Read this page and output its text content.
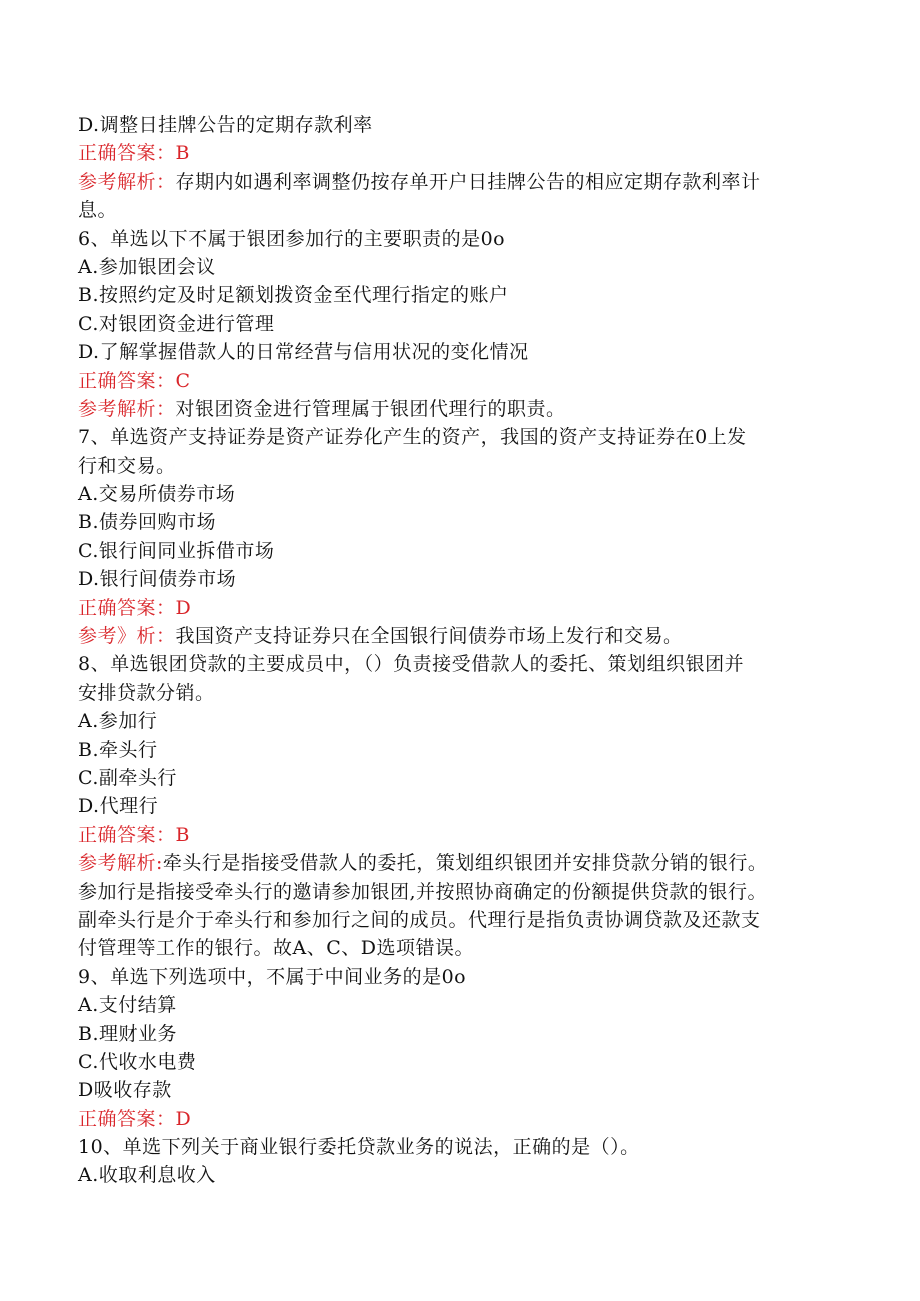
D.调整日挂牌公告的定期存款利率
正确答案：B
参考解析：存期内如遇利率调整仍按存单开户日挂牌公告的相应定期存款利率计
息。
6、单选以下不属于银团参加行的主要职责的是0o
A.参加银团会议
B.按照约定及时足额划拨资金至代理行指定的账户
C.对银团资金进行管理
D.了解掌握借款人的日常经营与信用状况的变化情况
正确答案：C
参考解析：对银团资金进行管理属于银团代理行的职责。
7、单选资产支持证券是资产证券化产生的资产，我国的资产支持证券在0上发
行和交易。
A.交易所债券市场
B.债券回购市场
C.银行间同业拆借市场
D.银行间债券市场
正确答案：D
参考》析：我国资产支持证券只在全国银行间债券市场上发行和交易。
8、单选银团贷款的主要成员中，（）负责接受借款人的委托、策划组织银团并
安排贷款分销。
A.参加行
B.牵头行
C.副牵头行
D.代理行
正确答案：B
参考解析:牵头行是指接受借款人的委托，策划组织银团并安排贷款分销的银行。
参加行是指接受牵头行的邀请参加银团,并按照协商确定的份额提供贷款的银行。
副牵头行是介于牵头行和参加行之间的成员。代理行是指负责协调贷款及还款支
付管理等工作的银行。故A、C、D选项错误。
9、单选下列选项中，不属于中间业务的是0o
A.支付结算
B.理财业务
C.代收水电费
D吸收存款
正确答案：D
10、单选下列关于商业银行委托贷款业务的说法，正确的是（）。
A.收取利息收入
